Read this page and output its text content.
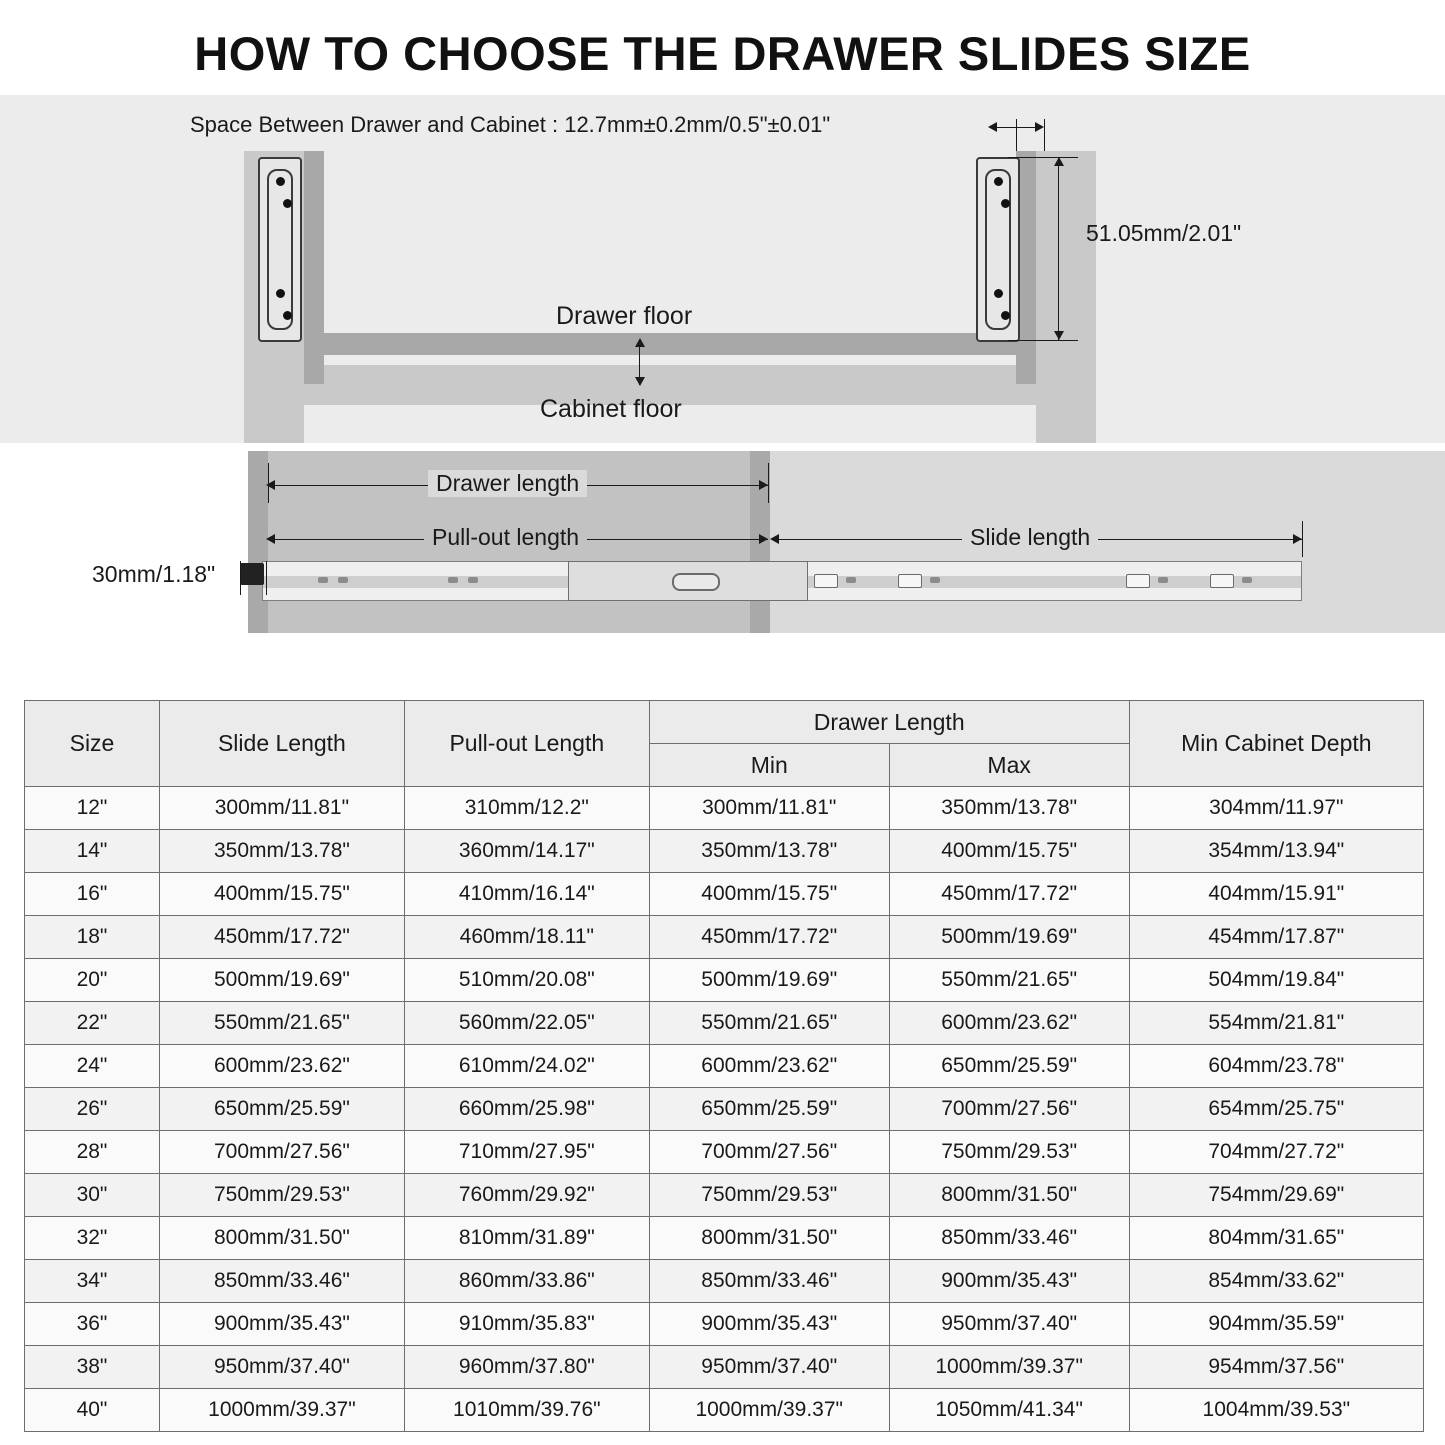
HOW TO CHOOSE THE DRAWER SLIDES SIZE
Space Between Drawer and Cabinet : 12.7mm±0.2mm/0.5"±0.01"
51.05mm/2.01"
Drawer floor
Cabinet floor
Drawer length
Pull-out length	Slide length
30mm/1.18"
Size	Slide Length	Pull-out Length	Drawer Length		Min Cabinet Depth
			Min	Max	
12"	300mm/11.81"	310mm/12.2"	300mm/11.81"	350mm/13.78"	304mm/11.97"
14"	350mm/13.78"	360mm/14.17"	350mm/13.78"	400mm/15.75"	354mm/13.94"
16"	400mm/15.75"	410mm/16.14"	400mm/15.75"	450mm/17.72"	404mm/15.91"
18"	450mm/17.72"	460mm/18.11"	450mm/17.72"	500mm/19.69"	454mm/17.87"
20"	500mm/19.69"	510mm/20.08"	500mm/19.69"	550mm/21.65"	504mm/19.84"
22"	550mm/21.65"	560mm/22.05"	550mm/21.65"	600mm/23.62"	554mm/21.81"
24"	600mm/23.62"	610mm/24.02"	600mm/23.62"	650mm/25.59"	604mm/23.78"
26"	650mm/25.59"	660mm/25.98"	650mm/25.59"	700mm/27.56"	654mm/25.75"
28"	700mm/27.56"	710mm/27.95"	700mm/27.56"	750mm/29.53"	704mm/27.72"
30"	750mm/29.53"	760mm/29.92"	750mm/29.53"	800mm/31.50"	754mm/29.69"
32"	800mm/31.50"	810mm/31.89"	800mm/31.50"	850mm/33.46"	804mm/31.65"
34"	850mm/33.46"	860mm/33.86"	850mm/33.46"	900mm/35.43"	854mm/33.62"
36"	900mm/35.43"	910mm/35.83"	900mm/35.43"	950mm/37.40"	904mm/35.59"
38"	950mm/37.40"	960mm/37.80"	950mm/37.40"	1000mm/39.37"	954mm/37.56"
40"	1000mm/39.37"	1010mm/39.76"	1000mm/39.37"	1050mm/41.34"	1004mm/39.53"
